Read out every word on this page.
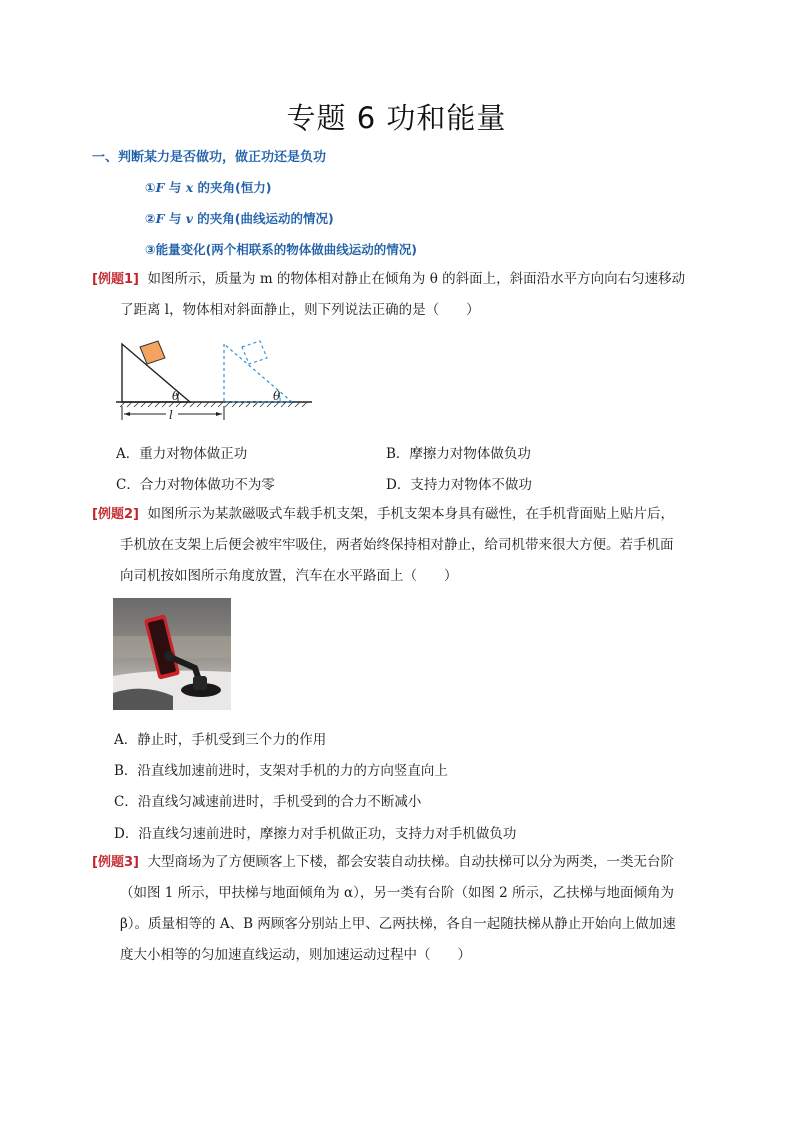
专题 6 功和能量
一、判断某力是否做功，做正功还是负功
①F 与 x 的夹角(恒力)
②F 与 v 的夹角(曲线运动的情况)
③能量变化(两个相联系的物体做曲线运动的情况)
[例题1] 如图所示，质量为 m 的物体相对静止在倾角为 θ 的斜面上，斜面沿水平方向向右匀速移动
了距离 l，物体相对斜面静止，则下列说法正确的是（　　）
θ	θ
l
A．重力对物体做正功	B．摩擦力对物体做负功
C．合力对物体做功不为零	D．支持力对物体不做功
[例题2] 如图所示为某款磁吸式车载手机支架，手机支架本身具有磁性，在手机背面贴上贴片后，
手机放在支架上后便会被牢牢吸住，两者始终保持相对静止，给司机带来很大方便。若手机面
向司机按如图所示角度放置，汽车在水平路面上（　　）
A．静止时，手机受到三个力的作用
B．沿直线加速前进时，支架对手机的力的方向竖直向上
C．沿直线匀减速前进时，手机受到的合力不断减小
D．沿直线匀速前进时，摩擦力对手机做正功，支持力对手机做负功
[例题3] 大型商场为了方便顾客上下楼，都会安装自动扶梯。自动扶梯可以分为两类，一类无台阶
（如图 1 所示，甲扶梯与地面倾角为 α），另一类有台阶（如图 2 所示，乙扶梯与地面倾角为
β）。质量相等的 A、B 两顾客分别站上甲、乙两扶梯，各自一起随扶梯从静止开始向上做加速
度大小相等的匀加速直线运动，则加速运动过程中（　　）
